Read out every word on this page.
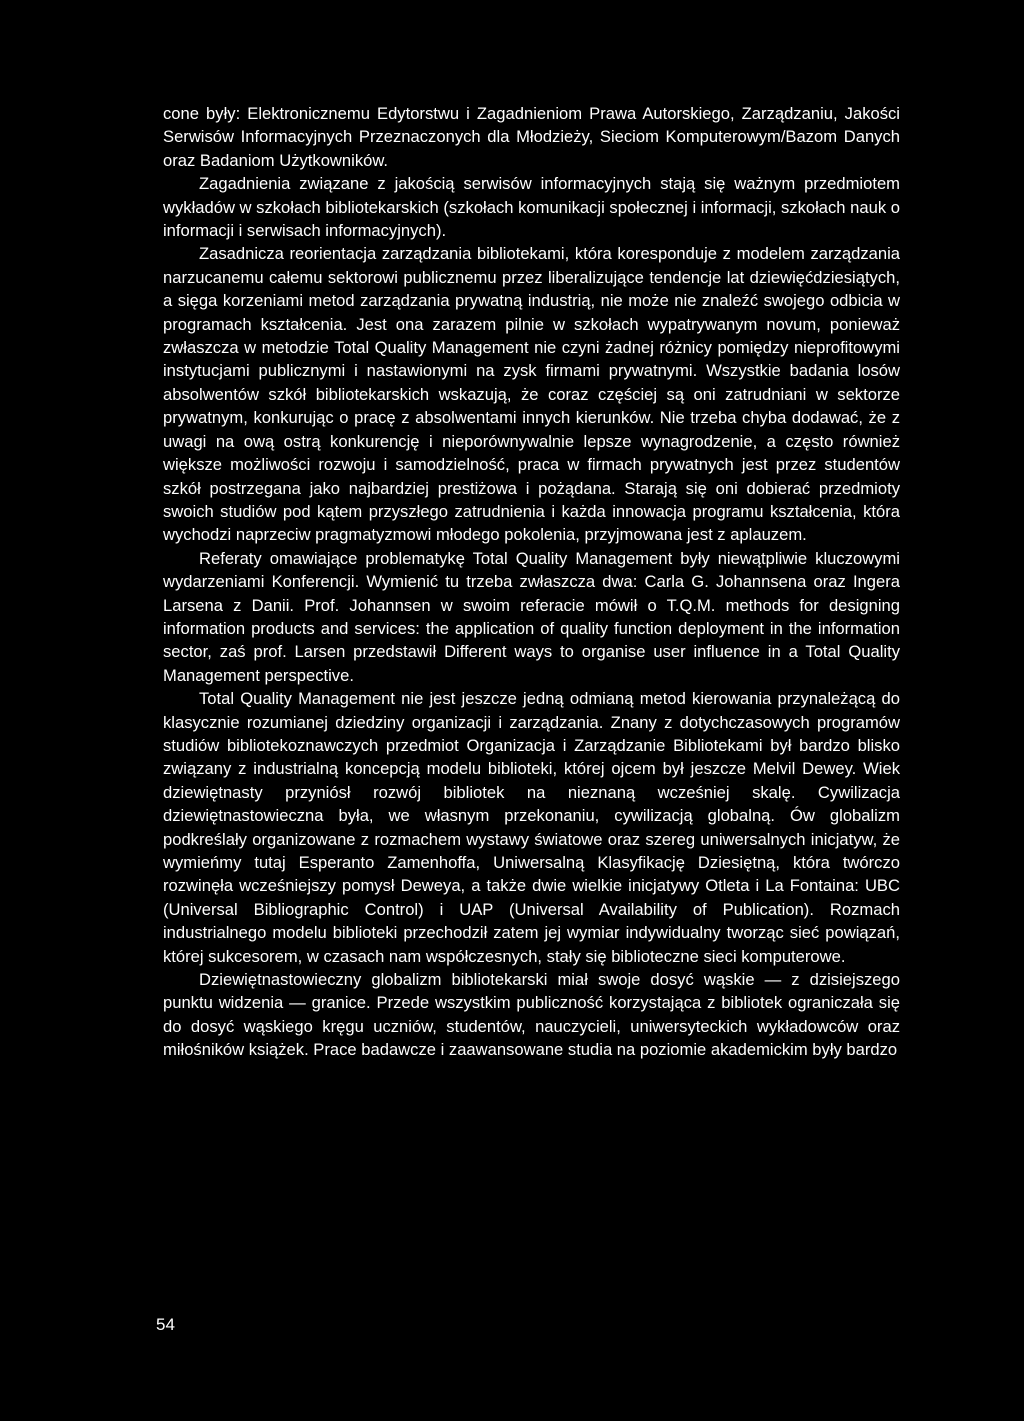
cone były: Elektronicznemu Edytorstwu i Zagadnieniom Prawa Autorskiego, Zarządzaniu, Jakości Serwisów Informacyjnych Przeznaczonych dla Młodzieży, Sieciom Komputerowym/Bazom Danych oraz Badaniom Użytkowników.

Zagadnienia związane z jakością serwisów informacyjnych stają się ważnym przedmiotem wykładów w szkołach bibliotekarskich (szkołach komunikacji społecznej i informacji, szkołach nauk o informacji i serwisach informacyjnych).

Zasadnicza reorientacja zarządzania bibliotekami, która koresponduje z modelem zarządzania narzucanemu całemu sektorowi publicznemu przez liberalizujące tendencje lat dziewięćdziesiątych, a sięga korzeniami metod zarządzania prywatną industrią, nie może nie znaleźć swojego odbicia w programach kształcenia. Jest ona zarazem pilnie w szkołach wypatrywanym novum, ponieważ zwłaszcza w metodzie Total Quality Management nie czyni żadnej różnicy pomiędzy nieprofitowymi instytucjami publicznymi i nastawionymi na zysk firmami prywatnymi. Wszystkie badania losów absolwentów szkół bibliotekarskich wskazują, że coraz częściej są oni zatrudniani w sektorze prywatnym, konkurując o pracę z absolwentami innych kierunków. Nie trzeba chyba dodawać, że z uwagi na ową ostrą konkurencję i nieporównywalnie lepsze wynagrodzenie, a często również większe możliwości rozwoju i samodzielność, praca w firmach prywatnych jest przez studentów szkół postrzegana jako najbardziej prestiżowa i pożądana. Starają się oni dobierać przedmioty swoich studiów pod kątem przyszłego zatrudnienia i każda innowacja programu kształcenia, która wychodzi naprzeciw pragmatyzmowi młodego pokolenia, przyjmowana jest z aplauzem.

Referaty omawiające problematykę Total Quality Management były niewątpliwie kluczowymi wydarzeniami Konferencji. Wymienić tu trzeba zwłaszcza dwa: Carla G. Johannsena oraz Ingera Larsena z Danii. Prof. Johannsen w swoim referacie mówił o T.Q.M. methods for designing information products and services: the application of quality function deployment in the information sector, zaś prof. Larsen przedstawił Different ways to organise user influence in a Total Quality Management perspective.

Total Quality Management nie jest jeszcze jedną odmianą metod kierowania przynależącą do klasycznie rozumianej dziedziny organizacji i zarządzania. Znany z dotychczasowych programów studiów bibliotekoznawczych przedmiot Organizacja i Zarządzanie Bibliotekami był bardzo blisko związany z industrialną koncepcją modelu biblioteki, której ojcem był jeszcze Melvil Dewey. Wiek dziewiętnasty przyniósł rozwój bibliotek na nieznaną wcześniej skalę. Cywilizacja dziewiętnastowieczna była, we własnym przekonaniu, cywilizacją globalną. Ów globalizm podkreślały organizowane z rozmachem wystawy światowe oraz szereg uniwersalnych inicjatyw, że wymieńmy tutaj Esperanto Zamenhoffa, Uniwersalną Klasyfikację Dziesiętną, która twórczo rozwinęła wcześniejszy pomysł Deweya, a także dwie wielkie inicjatywy Otleta i La Fontaina: UBC (Universal Bibliographic Control) i UAP (Universal Availability of Publication). Rozmach industrialnego modelu biblioteki przechodził zatem jej wymiar indywidualny tworząc sieć powiązań, której sukcesorem, w czasach nam współczesnych, stały się biblioteczne sieci komputerowe.

Dziewiętnastowieczny globalizm bibliotekarski miał swoje dosyć wąskie — z dzisiejszego punktu widzenia — granice. Przede wszystkim publiczność korzystająca z bibliotek ograniczała się do dosyć wąskiego kręgu uczniów, studentów, nauczycieli, uniwersyteckich wykładowców oraz miłośników książek. Prace badawcze i zaawansowane studia na poziomie akademickim były bardzo

54
